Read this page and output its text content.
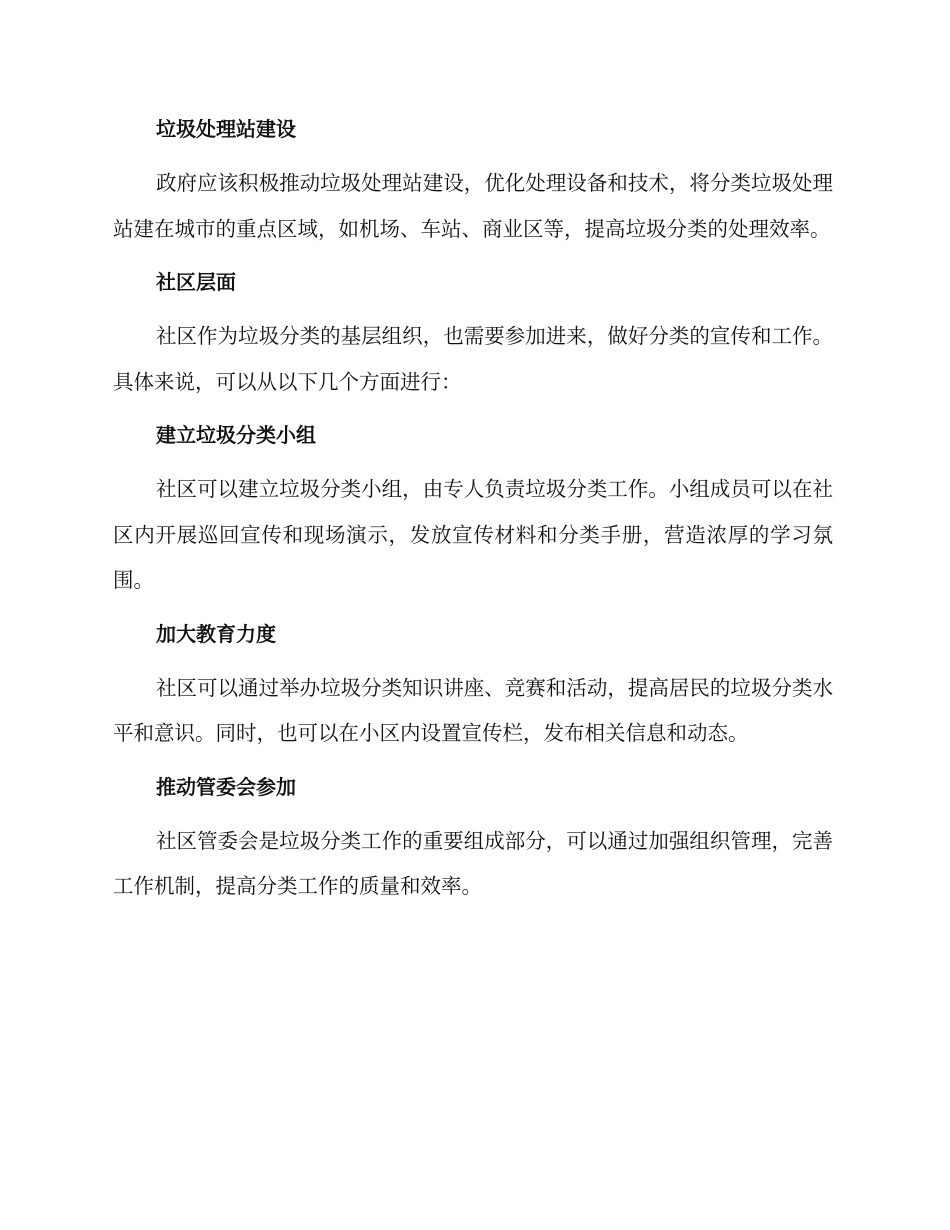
垃圾处理站建设

政府应该积极推动垃圾处理站建设，优化处理设备和技术，将分类垃圾处理站建在城市的重点区域，如机场、车站、商业区等，提高垃圾分类的处理效率。

社区层面

社区作为垃圾分类的基层组织，也需要参加进来，做好分类的宣传和工作。具体来说，可以从以下几个方面进行：

建立垃圾分类小组

社区可以建立垃圾分类小组，由专人负责垃圾分类工作。小组成员可以在社区内开展巡回宣传和现场演示，发放宣传材料和分类手册，营造浓厚的学习氛围。

加大教育力度

社区可以通过举办垃圾分类知识讲座、竞赛和活动，提高居民的垃圾分类水平和意识。同时，也可以在小区内设置宣传栏，发布相关信息和动态。

推动管委会参加

社区管委会是垃圾分类工作的重要组成部分，可以通过加强组织管理，完善工作机制，提高分类工作的质量和效率。
